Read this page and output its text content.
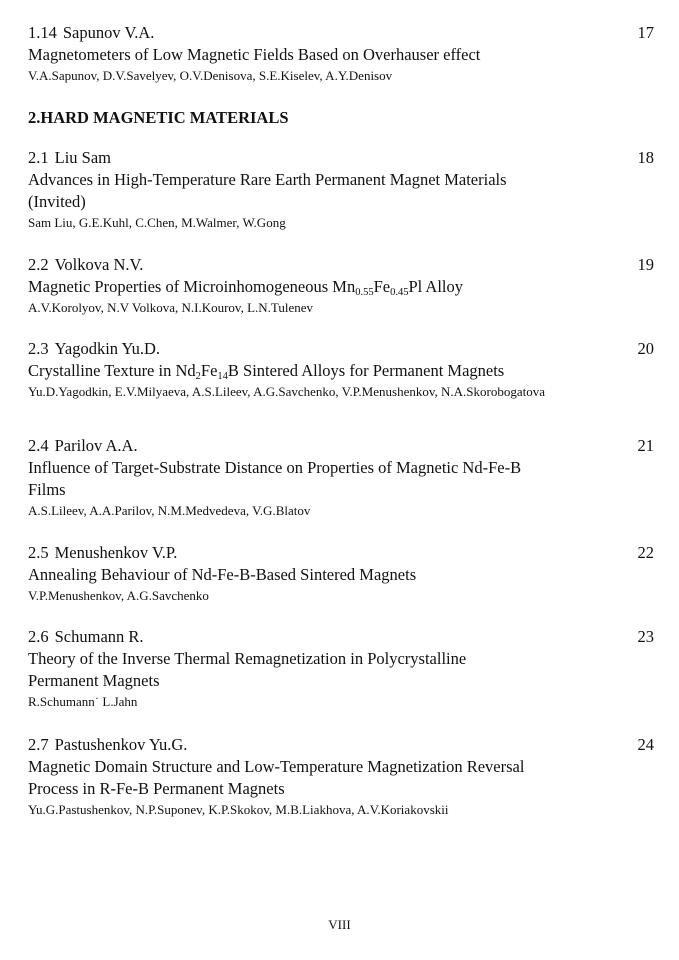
1.14 Sapunov V.A.	17
Magnetometers of Low Magnetic Fields Based on Overhauser effect
V.A.Sapunov, D.V.Savelyev, O.V.Denisova, S.E.Kiselev, A.Y.Denisov
2.HARD MAGNETIC MATERIALS
2.1 Liu Sam	18
Advances in High-Temperature Rare Earth Permanent Magnet Materials
(Invited)
Sam Liu, G.E.Kuhl, C.Chen, M.Walmer, W.Gong
2.2 Volkova N.V.	19
Magnetic Properties of Microinhomogeneous $Mn_{0.55}Fe_{0.45}Pl$ Alloy
A.V.Korolyov, N.V Volkova, N.I.Kourov, L.N.Tulenev
2.3 Yagodkin Yu.D.	20
Crystalline Texture in $Nd_2Fe_{14}B$ Sintered Alloys for Permanent Magnets
Yu.D.Yagodkin, E.V.Milyaeva, A.S.Lileev, A.G.Savchenko, V.P.Menushenkov, N.A.Skorobogatova
2.4 Parilov A.A.	21
Influence of Target-Substrate Distance on Properties of Magnetic Nd-Fe-B
Films
A.S.Lileev, A.A.Parilov, N.M.Medvedeva, V.G.Blatov
2.5 Menushenkov V.P.	22
Annealing Behaviour of Nd-Fe-B-Based Sintered Magnets
V.P.Menushenkov, A.G.Savchenko
2.6 Schumann R.	23
Theory of the Inverse Thermal Remagnetization in Polycrystalline
Permanent Magnets
R.Schumann˙ L.Jahn
2.7 Pastushenkov Yu.G.	24
Magnetic Domain Structure and Low-Temperature Magnetization Reversal
Process in R-Fe-B Permanent Magnets
Yu.G.Pastushenkov, N.P.Suponev, K.P.Skokov, M.B.Liakhova, A.V.Koriakovskii
VIII
